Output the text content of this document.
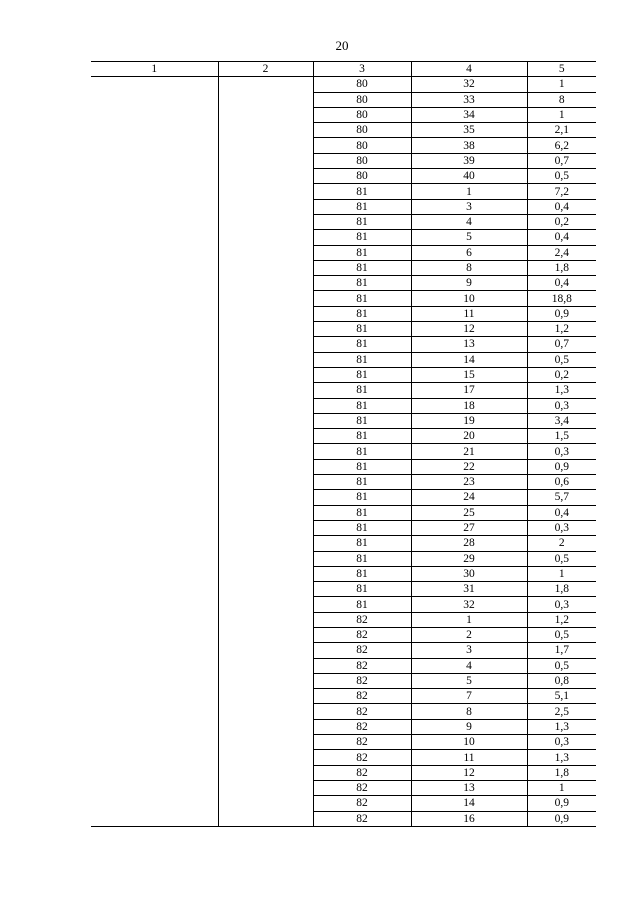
20
1	2	3	4	5
		80	32	1
		80	33	8
		80	34	1
		80	35	2,1
		80	38	6,2
		80	39	0,7
		80	40	0,5
		81	1	7,2
		81	3	0,4
		81	4	0,2
		81	5	0,4
		81	6	2,4
		81	8	1,8
		81	9	0,4
		81	10	18,8
		81	11	0,9
		81	12	1,2
		81	13	0,7
		81	14	0,5
		81	15	0,2
		81	17	1,3
		81	18	0,3
		81	19	3,4
		81	20	1,5
		81	21	0,3
		81	22	0,9
		81	23	0,6
		81	24	5,7
		81	25	0,4
		81	27	0,3
		81	28	2
		81	29	0,5
		81	30	1
		81	31	1,8
		81	32	0,3
		82	1	1,2
		82	2	0,5
		82	3	1,7
		82	4	0,5
		82	5	0,8
		82	7	5,1
		82	8	2,5
		82	9	1,3
		82	10	0,3
		82	11	1,3
		82	12	1,8
		82	13	1
		82	14	0,9
		82	16	0,9
